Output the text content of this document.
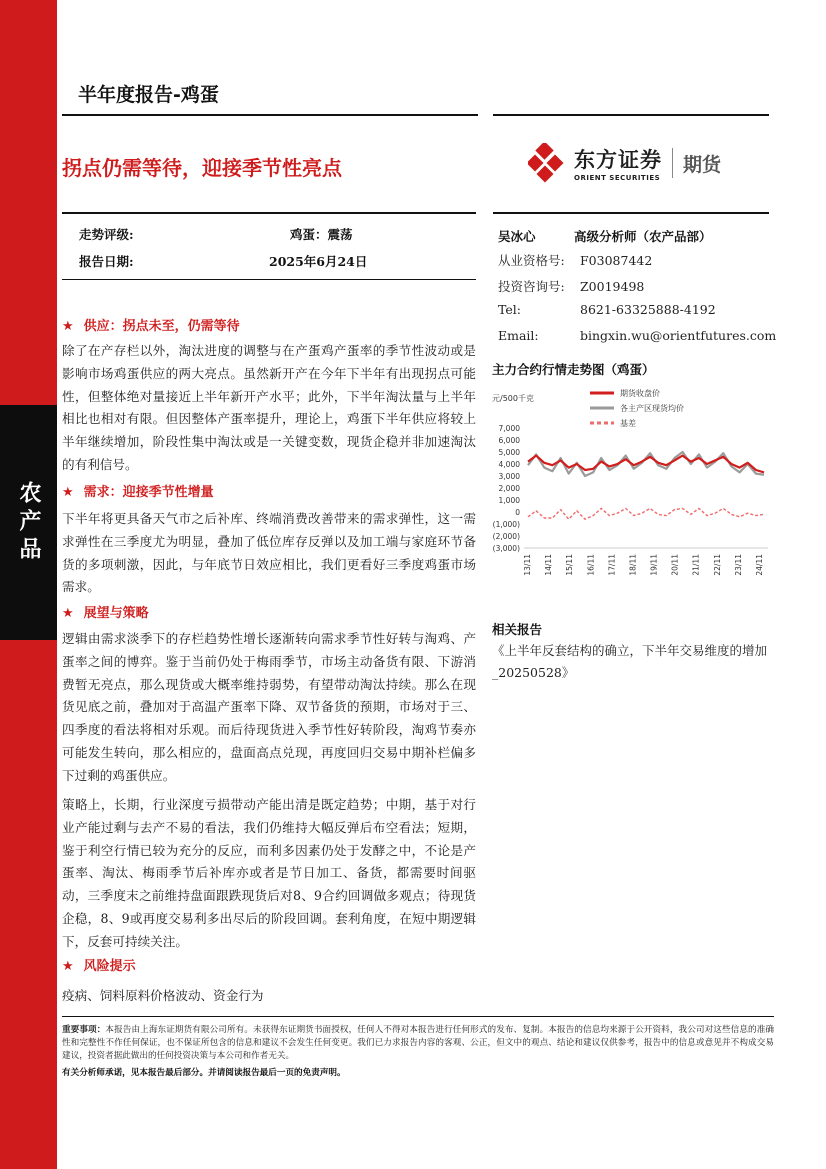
农产品
半年度报告-鸡蛋
拐点仍需等待，迎接季节性亮点	东方证券
ORIENT SECURITIES
期货
走势评级:	鸡蛋：震荡
报告日期:	2025年6月24日
吴冰心	高级分析师（农产品部）
从业资格号: F03087442
投资咨询号: Z0019498
Tel:	8621-63325888-4192
Email:	bingxin.wu@orientfutures.com
★ 供应：拐点未至，仍需等待
除了在产存栏以外，淘汰进度的调整与在产蛋鸡产蛋率的季节性波动或是影响市场鸡蛋供应的两大亮点。虽然新开产在今年下半年有出现拐点可能性，但整体绝对量接近上半年新开产水平；此外，下半年淘汰量与上半年相比也相对有限。但因整体产蛋率提升，理论上，鸡蛋下半年供应将较上半年继续增加，阶段性集中淘汰或是一关键变数，现货企稳并非加速淘汰的有利信号。
★ 需求：迎接季节性增量
下半年将更具备天气市之后补库、终端消费改善带来的需求弹性，这一需求弹性在三季度尤为明显，叠加了低位库存反弹以及加工端与家庭环节备货的多项刺激，因此，与年底节日效应相比，我们更看好三季度鸡蛋市场需求。
★ 展望与策略
逻辑由需求淡季下的存栏趋势性增长逐渐转向需求季节性好转与淘鸡、产蛋率之间的博弈。鉴于当前仍处于梅雨季节，市场主动备货有限、下游消费暂无亮点，那么现货或大概率维持弱势，有望带动淘汰持续。那么在现货见底之前，叠加对于高温产蛋率下降、双节备货的预期，市场对于三、四季度的看法将相对乐观。而后待现货进入季节性好转阶段，淘鸡节奏亦可能发生转向，那么相应的，盘面高点兑现，再度回归交易中期补栏偏多下过剩的鸡蛋供应。
策略上，长期，行业深度亏损带动产能出清是既定趋势；中期，基于对行业产能过剩与去产不易的看法，我们仍维持大幅反弹后布空看法；短期，鉴于利空行情已较为充分的反应，而利多因素仍处于发酵之中，不论是产蛋率、淘汰、梅雨季节后补库亦或者是节日加工、备货，都需要时间驱动，三季度末之前维持盘面跟跌现货后对8、9合约回调做多观点；待现货企稳，8、9或再度交易利多出尽后的阶段回调。套利角度，在短中期逻辑下，反套可持续关注。
★ 风险提示
疫病、饲料原料价格波动、资金行为
主力合约行情走势图（鸡蛋）
元/500千克
期货收盘价
各主产区现货均价
基差
7,000
6,000
5,000
4,000
3,000
2,000
1,000
0
(1,000)
(2,000)
(3,000)
13/11 14/11 15/11 16/11 17/11 18/11 19/11 20/11 21/11 22/11 23/11 24/11
相关报告
《上半年反套结构的确立，下半年交易维度的增加_20250528》
重要事项：本报告由上海东证期货有限公司所有。未获得东证期货书面授权，任何人不得对本报告进行任何形式的发布、复制。本报告的信息均来源于公开资料，我公司对这些信息的准确性和完整性不作任何保证，也不保证所包含的信息和建议不会发生任何变更。我们已力求报告内容的客观、公正，但文中的观点、结论和建议仅供参考，报告中的信息或意见并不构成交易建议，投资者据此做出的任何投资决策与本公司和作者无关。
有关分析师承诺，见本报告最后部分。并请阅读报告最后一页的免责声明。
